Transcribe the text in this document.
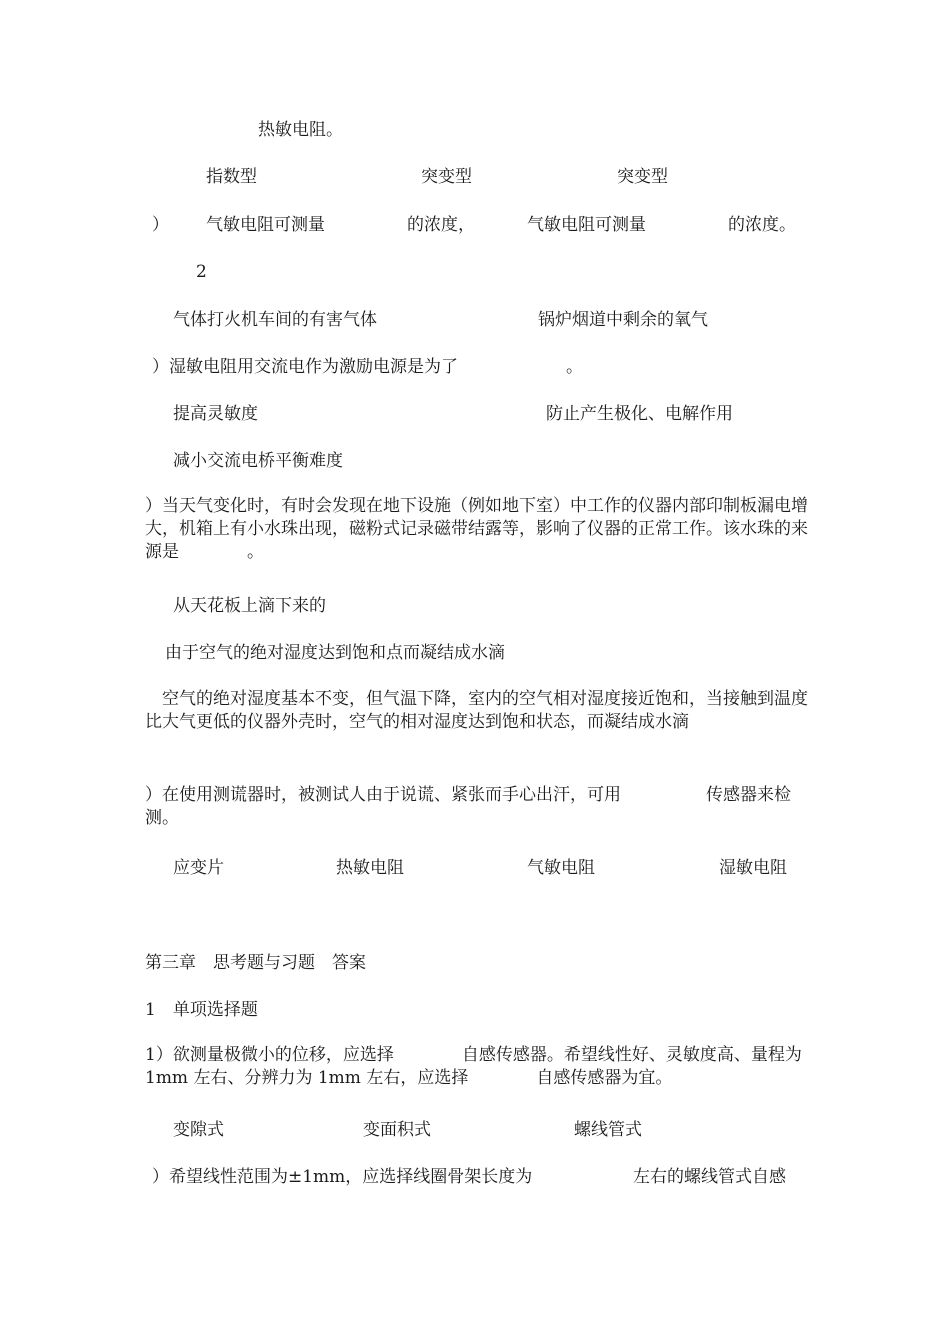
热敏电阻。
指数型	突变型	突变型
） 气敏电阻可测量	的浓度，	气敏电阻可测量	的浓度。
2
气体打火机车间的有害气体	锅炉烟道中剩余的氧气
）湿敏电阻用交流电作为激励电源是为了	。
提高灵敏度	防止产生极化、电解作用
减小交流电桥平衡难度
）当天气变化时，有时会发现在地下设施（例如地下室）中工作的仪器内部印制板漏电增大，机箱上有小水珠出现，磁粉式记录磁带结露等，影响了仪器的正常工作。该水珠的来源是　　　　。
从天花板上滴下来的
由于空气的绝对湿度达到饱和点而凝结成水滴
　空气的绝对湿度基本不变，但气温下降，室内的空气相对湿度接近饱和，当接触到温度比大气更低的仪器外壳时，空气的相对湿度达到饱和状态，而凝结成水滴
）在使用测谎器时，被测试人由于说谎、紧张而手心出汗，可用　　　　　传感器来检测。
应变片	热敏电阻	气敏电阻	湿敏电阻
第三章　思考题与习题　答案
1　单项选择题
1）欲测量极微小的位移，应选择　　　　自感传感器。希望线性好、灵敏度高、量程为 1mm 左右、分辨力为 1mm 左右，应选择　　　　自感传感器为宜。
变隙式	变面积式	螺线管式
）希望线性范围为±1mm，应选择线圈骨架长度为	左右的螺线管式自感
